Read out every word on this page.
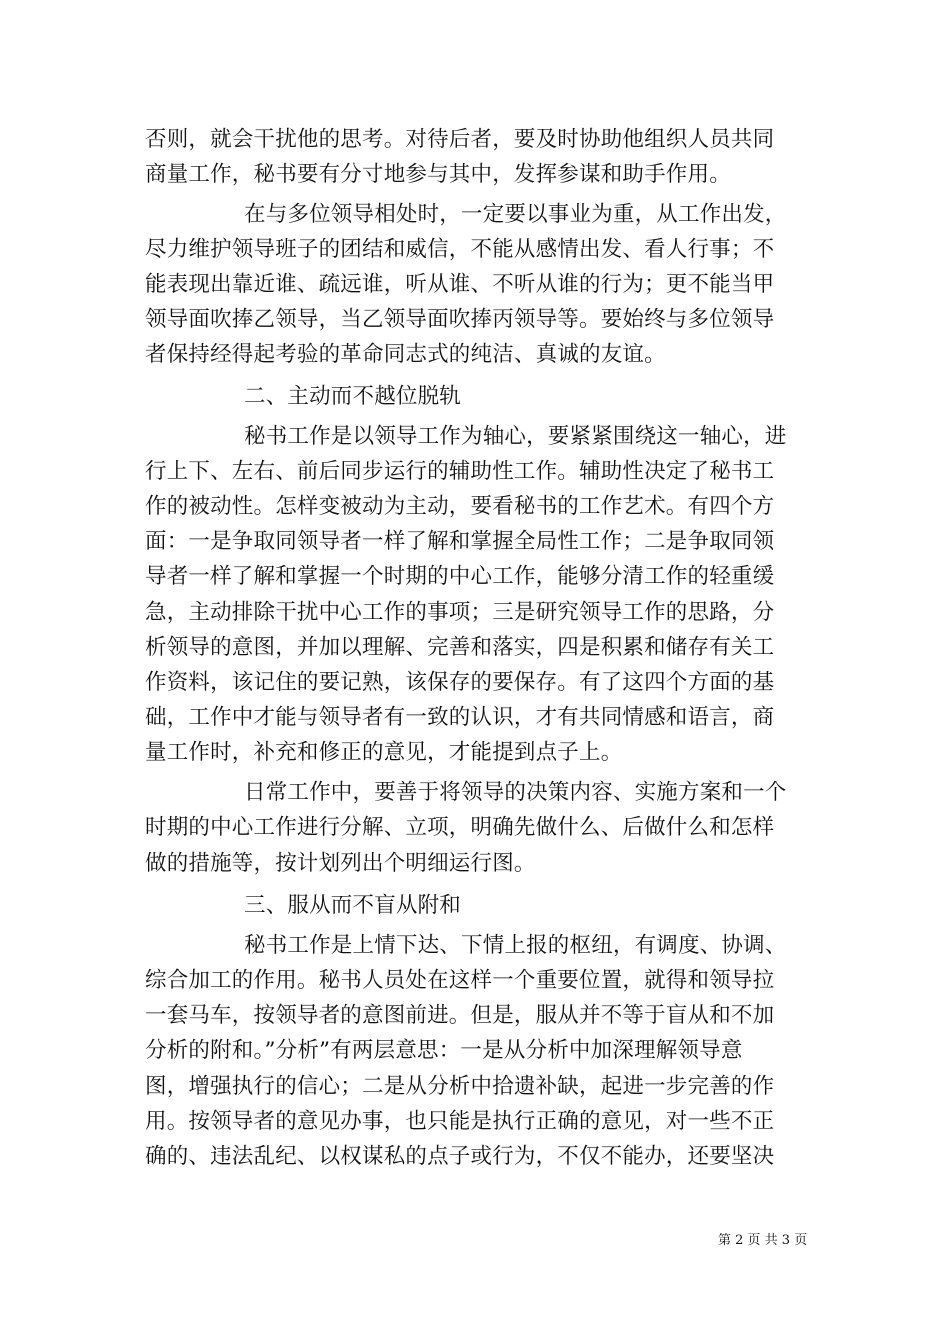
否则，就会干扰他的思考。对待后者，要及时协助他组织人员共同
商量工作，秘书要有分寸地参与其中，发挥参谋和助手作用。
在与多位领导相处时，一定要以事业为重，从工作出发，
尽力维护领导班子的团结和威信，不能从感情出发、看人行事；不
能表现出靠近谁、疏远谁，听从谁、不听从谁的行为；更不能当甲
领导面吹捧乙领导，当乙领导面吹捧丙领导等。要始终与多位领导
者保持经得起考验的革命同志式的纯洁、真诚的友谊。
二、主动而不越位脱轨
秘书工作是以领导工作为轴心，要紧紧围绕这一轴心，进
行上下、左右、前后同步运行的辅助性工作。辅助性决定了秘书工
作的被动性。怎样变被动为主动，要看秘书的工作艺术。有四个方
面：一是争取同领导者一样了解和掌握全局性工作；二是争取同领
导者一样了解和掌握一个时期的中心工作，能够分清工作的轻重缓
急，主动排除干扰中心工作的事项；三是研究领导工作的思路，分
析领导的意图，并加以理解、完善和落实，四是积累和储存有关工
作资料，该记住的要记熟，该保存的要保存。有了这四个方面的基
础，工作中才能与领导者有一致的认识，才有共同情感和语言，商
量工作时，补充和修正的意见，才能提到点子上。
日常工作中，要善于将领导的决策内容、实施方案和一个
时期的中心工作进行分解、立项，明确先做什么、后做什么和怎样
做的措施等，按计划列出个明细运行图。
三、服从而不盲从附和
秘书工作是上情下达、下情上报的枢纽，有调度、协调、
综合加工的作用。秘书人员处在这样一个重要位置，就得和领导拉
一套马车，按领导者的意图前进。但是，服从并不等于盲从和不加
分析的附和。”分析”有两层意思：一是从分析中加深理解领导意
图，增强执行的信心；二是从分析中拾遗补缺，起进一步完善的作
用。按领导者的意见办事，也只能是执行正确的意见，对一些不正
确的、违法乱纪、以权谋私的点子或行为，不仅不能办，还要坚决
第 2 页 共 3 页
